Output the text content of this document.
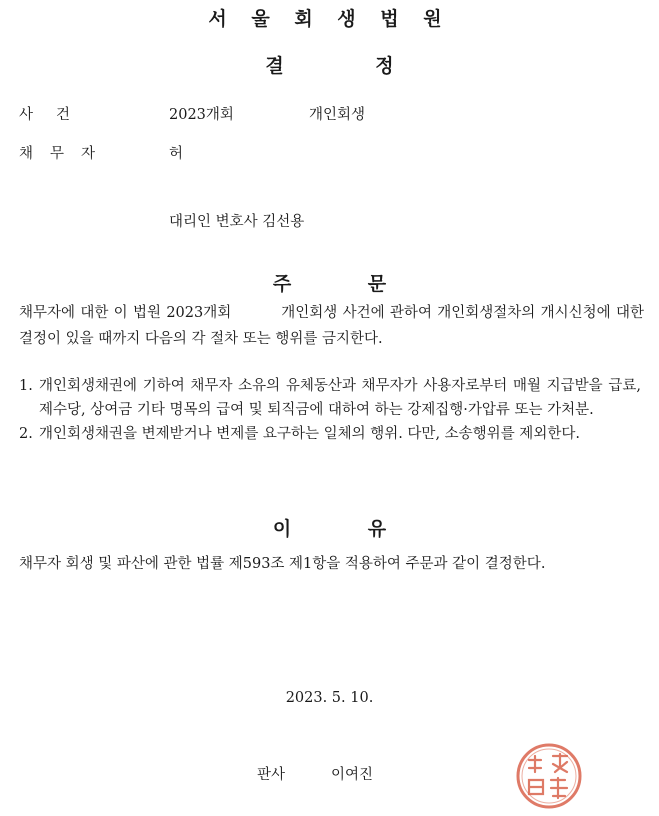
서 울 회 생 법 원
결 정
사건	2023개회	개인회생
채무자	허
대리인 변호사 김선용
주 문
채무자에 대한 이 법원 2023개회	개인회생 사건에 관하여 개인회생절차의 개시신청에 대한 결정이 있을 때까지 다음의 각 절차 또는 행위를 금지한다.
1. 개인회생채권에 기하여 채무자 소유의 유체동산과 채무자가 사용자로부터 매월 지급받을 급료, 제수당, 상여금 기타 명목의 급여 및 퇴직금에 대하여 하는 강제집행·가압류 또는 가처분.
2. 개인회생채권을 변제받거나 변제를 요구하는 일체의 행위. 다만, 소송행위를 제외한다.
이 유
채무자 회생 및 파산에 관한 법률 제593조 제1항을 적용하여 주문과 같이 결정한다.
2023. 5. 10.
판사	이여진
